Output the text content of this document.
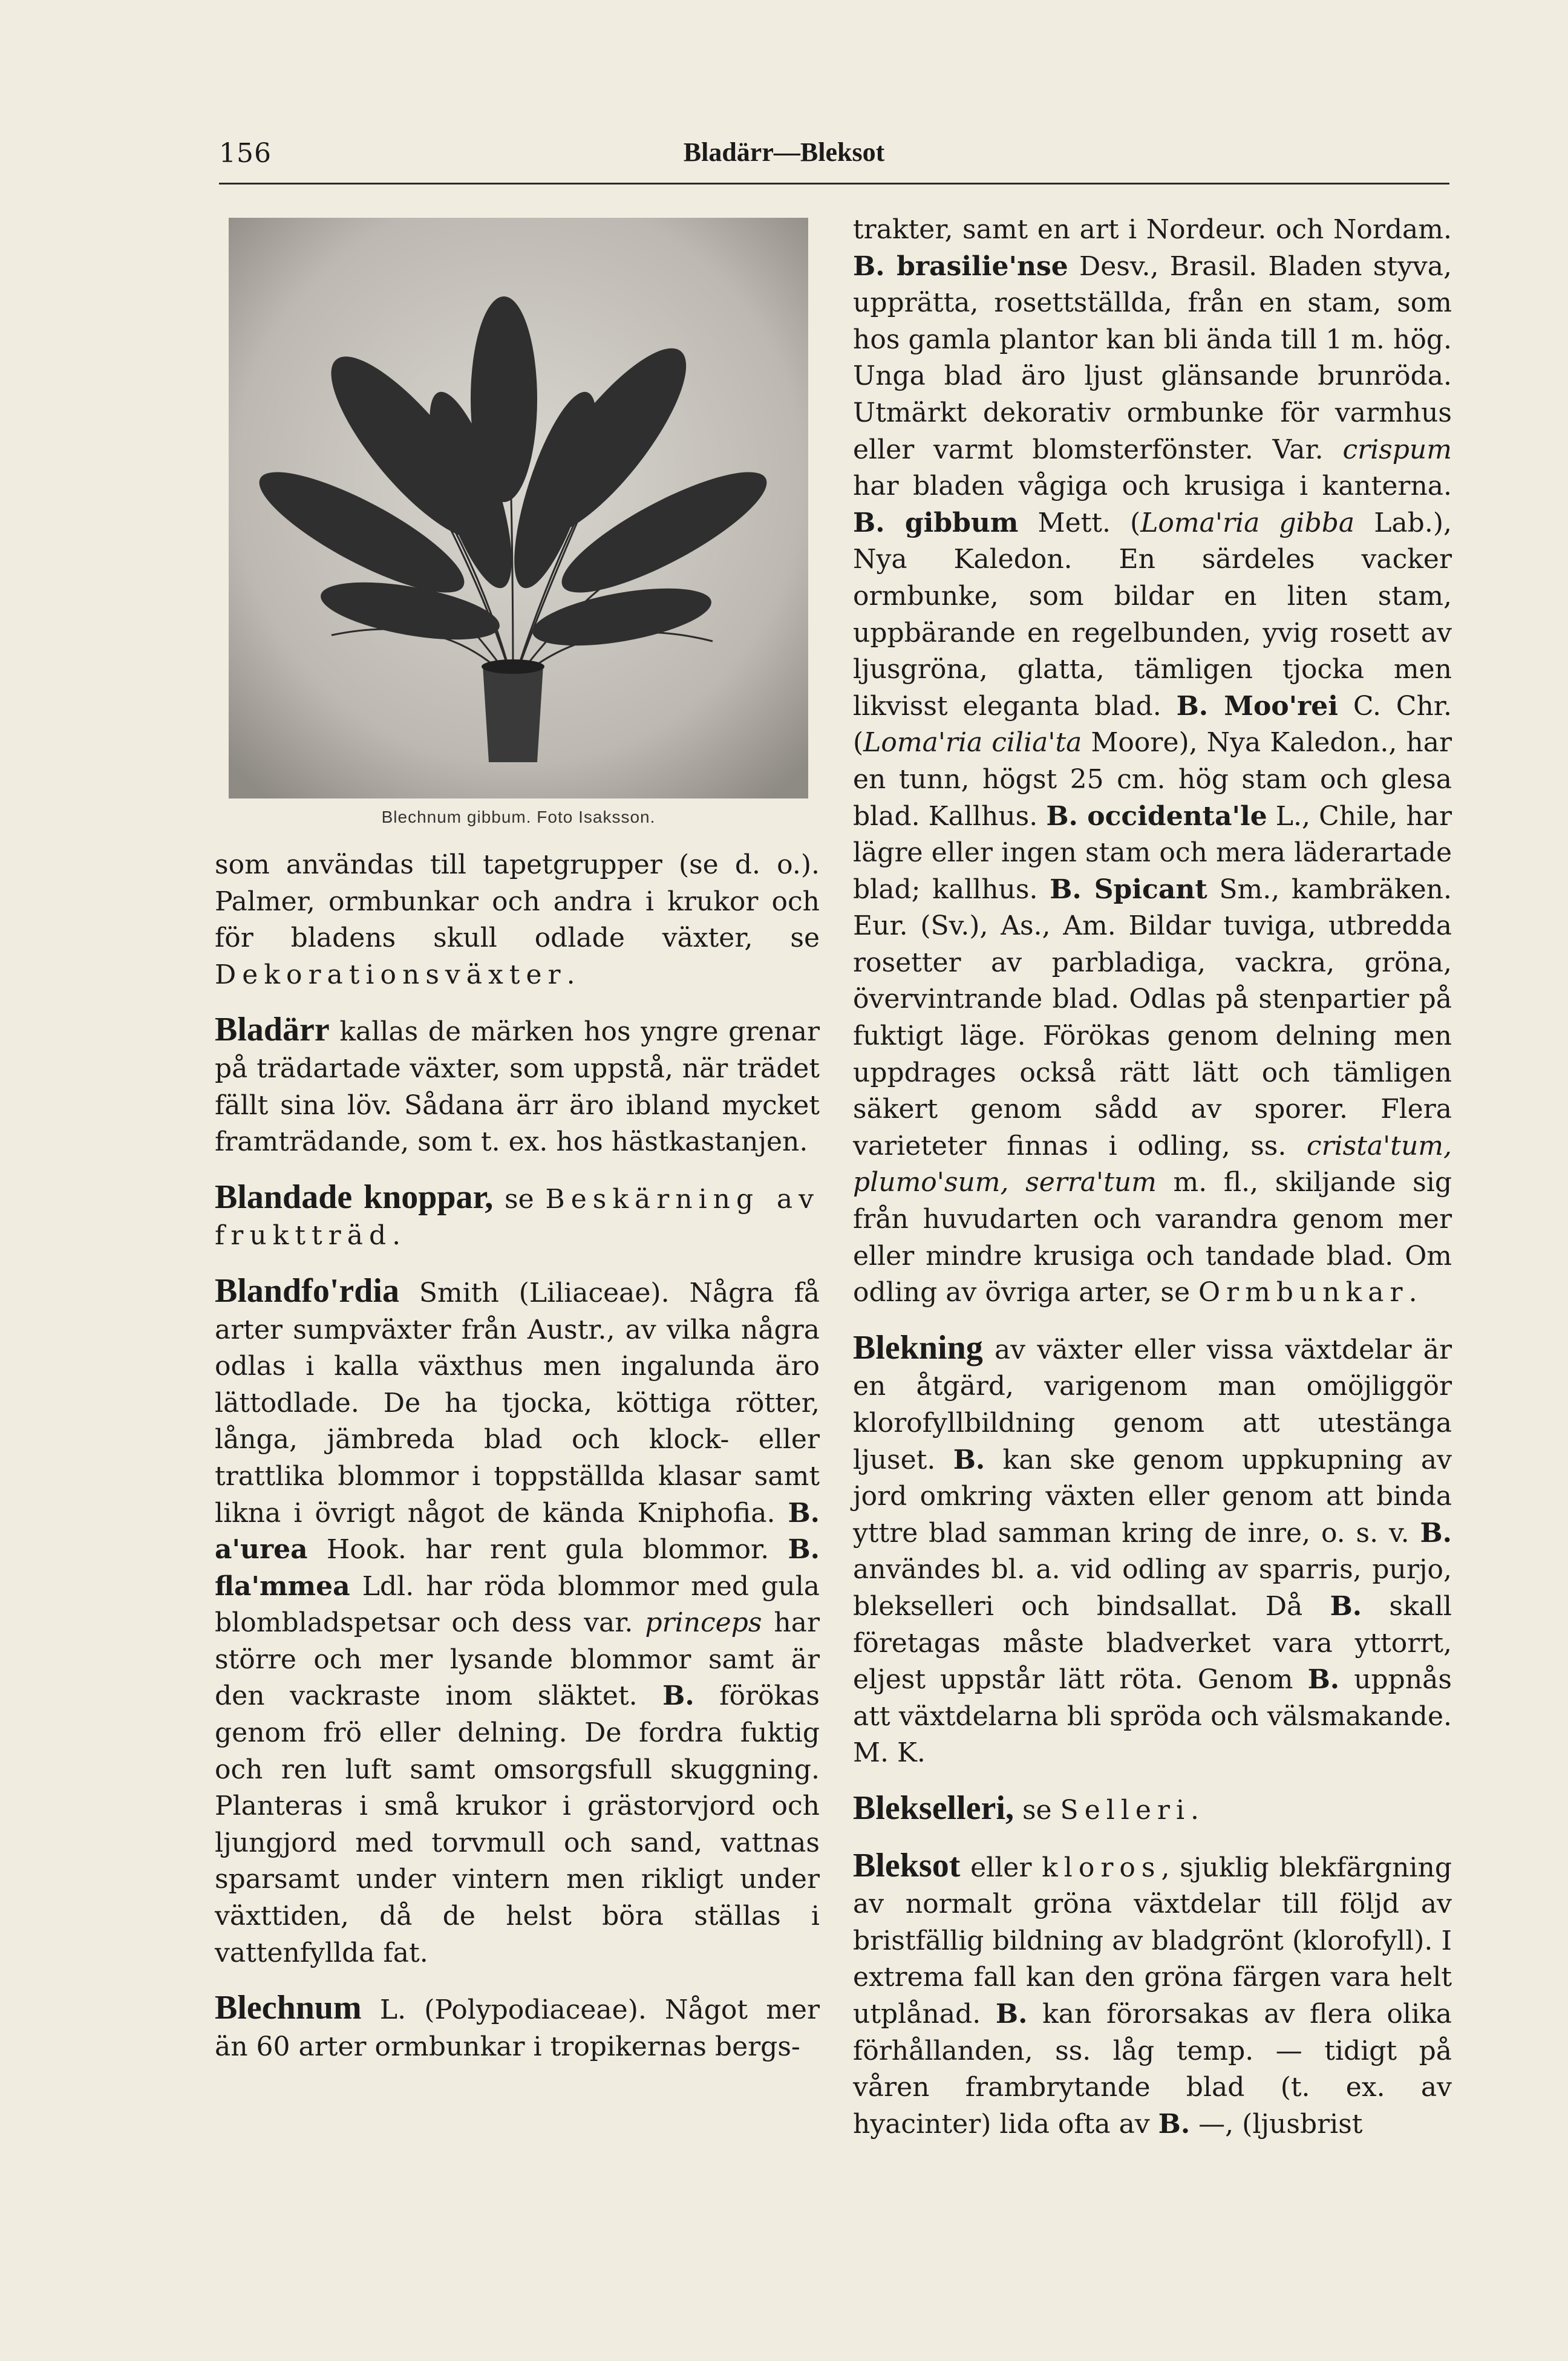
156	Bladärr—Bleksot
Blechnum gibbum. Foto Isaksson.

som användas till tapetgrupper (se d. o.). Palmer, ormbunkar och andra i krukor och för bladens skull odlade växter, se Dekorationsväxter.

Bladärr kallas de märken hos yngre grenar på trädartade växter, som uppstå, när trädet fällt sina löv. Sådana ärr äro ibland mycket framträdande, som t. ex. hos hästkastanjen.

Blandade knoppar, se Beskärning av fruktträd.

Blandfo'rdia Smith (Liliaceae). Några få arter sumpväxter från Austr., av vilka några odlas i kalla växthus men ingalunda äro lättodlade. De ha tjocka, köttiga rötter, långa, jämbreda blad och klock- eller trattlika blommor i toppställda klasar samt likna i övrigt något de kända Kniphofia. B. a'urea Hook. har rent gula blommor. B. fla'mmea Ldl. har röda blommor med gula blombladspetsar och dess var. princeps har större och mer lysande blommor samt är den vackraste inom släktet. B. förökas genom frö eller delning. De fordra fuktig och ren luft samt omsorgsfull skuggning. Planteras i små krukor i grästorvjord och ljungjord med torvmull och sand, vattnas sparsamt under vintern men rikligt under växttiden, då de helst böra ställas i vattenfyllda fat.

Blechnum L. (Polypodiaceae). Något mer än 60 arter ormbunkar i tropikernas bergs-

trakter, samt en art i Nordeur. och Nordam. B. brasilie'nse Desv., Brasil. Bladen styva, upprätta, rosettställda, från en stam, som hos gamla plantor kan bli ända till 1 m. hög. Unga blad äro ljust glänsande brunröda. Utmärkt dekorativ ormbunke för varmhus eller varmt blomsterfönster. Var. crispum har bladen vågiga och krusiga i kanterna. B. gibbum Mett. (Loma'ria gibba Lab.), Nya Kaledon. En särdeles vacker ormbunke, som bildar en liten stam, uppbärande en regelbunden, yvig rosett av ljusgröna, glatta, tämligen tjocka men likvisst eleganta blad. B. Moo'rei C. Chr. (Loma'ria cilia'ta Moore), Nya Kaledon., har en tunn, högst 25 cm. hög stam och glesa blad. Kallhus. B. occidenta'le L., Chile, har lägre eller ingen stam och mera läderartade blad; kallhus. B. Spicant Sm., kambräken. Eur. (Sv.), As., Am. Bildar tuviga, utbredda rosetter av parbladiga, vackra, gröna, övervintrande blad. Odlas på stenpartier på fuktigt läge. Förökas genom delning men uppdrages också rätt lätt och tämligen säkert genom sådd av sporer. Flera varieteter finnas i odling, ss. crista'tum, plumo'sum, serra'tum m. fl., skiljande sig från huvudarten och varandra genom mer eller mindre krusiga och tandade blad. Om odling av övriga arter, se Ormbunkar.

Blekning av växter eller vissa växtdelar är en åtgärd, varigenom man omöjliggör klorofyllbildning genom att utestänga ljuset. B. kan ske genom uppkupning av jord omkring växten eller genom att binda yttre blad samman kring de inre, o. s. v. B. användes bl. a. vid odling av sparris, purjo, blekselleri och bindsallat. Då B. skall företagas måste bladverket vara yttorrt, eljest uppstår lätt röta. Genom B. uppnås att växtdelarna bli spröda och välsmakande. M. K.

Blekselleri, se Selleri.

Bleksot eller kloros, sjuklig blekfärgning av normalt gröna växtdelar till följd av bristfällig bildning av bladgrönt (klorofyll). I extrema fall kan den gröna färgen vara helt utplånad. B. kan förorsakas av flera olika förhållanden, ss. låg temp. — tidigt på våren frambrytande blad (t. ex. av hyacinter) lida ofta av B. —, (ljusbrist
